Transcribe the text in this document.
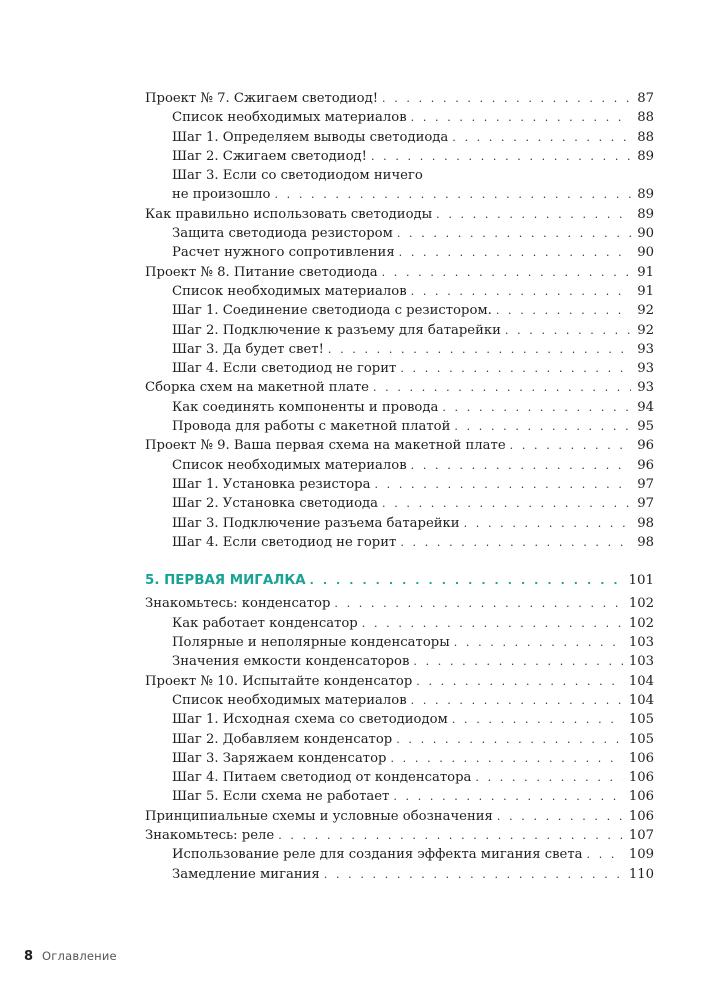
Проект № 7. Сжигаем светодиод! . . .	87
Список необходимых материалов . . .	88
Шаг 1. Определяем выводы светодиода . . .	88
Шаг 2. Сжигаем светодиод! . . .	89
Шаг 3. Если со светодиодом ничего
не произошло . . .	89
Как правильно использовать светодиоды . . .	89
Защита светодиода резистором . . .	90
Расчет нужного сопротивления . . .	90
Проект № 8. Питание светодиода . . .	91
Список необходимых материалов . . .	91
Шаг 1. Соединение светодиода с резистором. . . .	92
Шаг 2. Подключение к разъему для батарейки . . .	92
Шаг 3. Да будет свет! . . .	93
Шаг 4. Если светодиод не горит . . .	93
Сборка схем на макетной плате . . .	93
Как соединять компоненты и провода . . .	94
Провода для работы с макетной платой . . .	95
Проект № 9. Ваша первая схема на макетной плате . . .	96
Список необходимых материалов . . .	96
Шаг 1. Установка резистора . . .	97
Шаг 2. Установка светодиода . . .	97
Шаг 3. Подключение разъема батарейки . . .	98
Шаг 4. Если светодиод не горит . . .	98
5. ПЕРВАЯ МИГАЛКА . . .	101
Знакомьтесь: конденсатор . . .	102
Как работает конденсатор . . .	102
Полярные и неполярные конденсаторы . . .	103
Значения емкости конденсаторов . . .	103
Проект № 10. Испытайте конденсатор . . .	104
Список необходимых материалов . . .	104
Шаг 1. Исходная схема со светодиодом . . .	105
Шаг 2. Добавляем конденсатор . . .	105
Шаг 3. Заряжаем конденсатор . . .	106
Шаг 4. Питаем светодиод от конденсатора . . .	106
Шаг 5. Если схема не работает . . .	106
Принципиальные схемы и условные обозначения . . .	106
Знакомьтесь: реле . . .	107
Использование реле для создания эффекта мигания света . . .	109
Замедление мигания . . .	110
8 Оглавление
